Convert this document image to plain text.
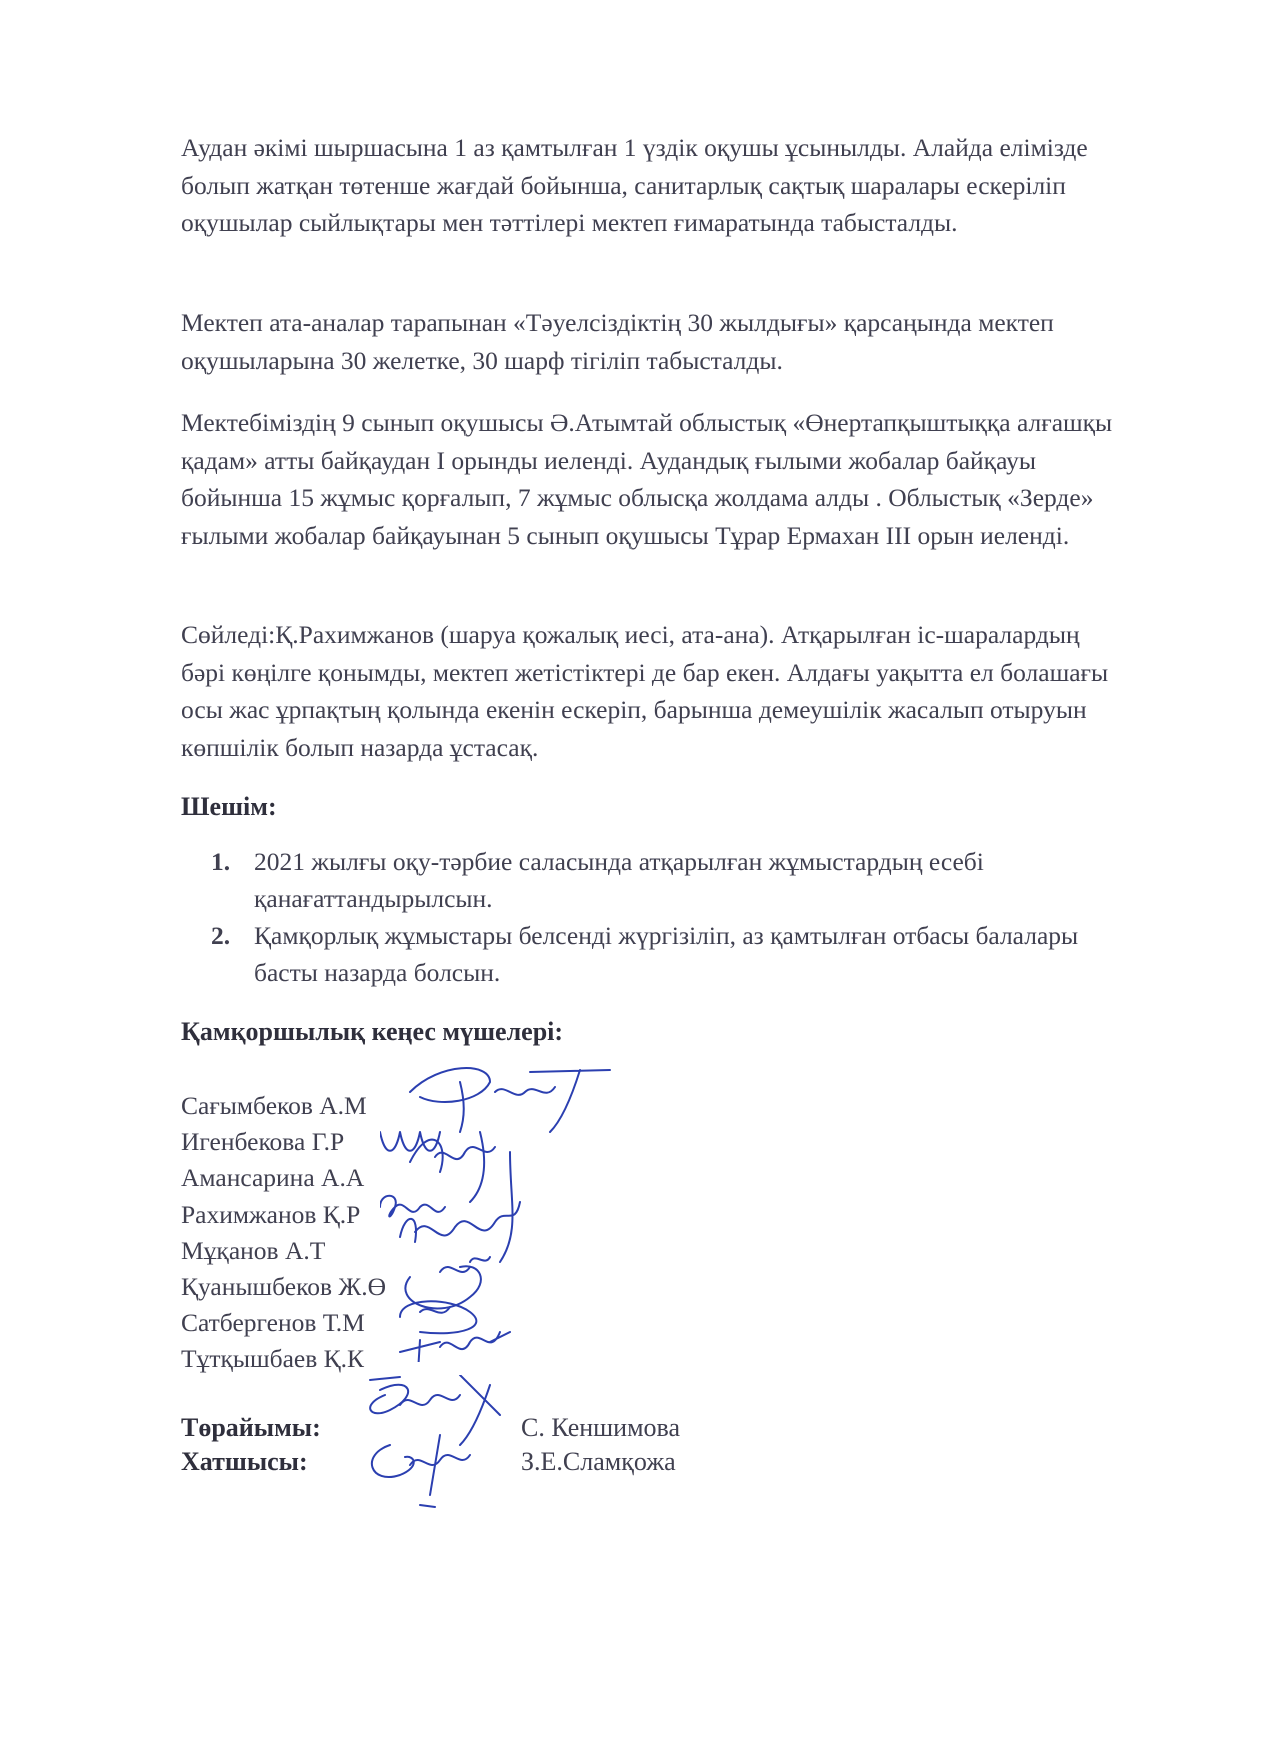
Аудан әкімі шыршасына 1 аз қамтылған 1 үздік оқушы ұсынылды. Алайда елімізде болып жатқан төтенше жағдай бойынша, санитарлық сақтық шаралары ескеріліп оқушылар сыйлықтары мен тәттілері мектеп ғимаратында табысталды.

Мектеп ата-аналар тарапынан «Тәуелсіздіктің 30 жылдығы» қарсаңында мектеп оқушыларына 30 желетке, 30 шарф тігіліп табысталды.

Мектебіміздің 9 сынып оқушысы Ә.Атымтай облыстық «Өнертапқыштыққа алғашқы қадам» атты байқаудан І орынды иеленді. Аудандық ғылыми жобалар байқауы бойынша 15 жұмыс қорғалып, 7 жұмыс облысқа жолдама алды . Облыстық «Зерде» ғылыми жобалар байқауынан 5 сынып оқушысы Тұрар Ермахан ІІІ орын иеленді.

Сөйледі:Қ.Рахимжанов (шаруа қожалық иесі, ата-ана). Атқарылған іс-шаралардың бәрі көңілге қонымды, мектеп жетістіктері де бар екен. Алдағы уақытта ел болашағы осы жас ұрпақтың қолында екенін ескеріп, барынша демеушілік жасалып отыруын көпшілік болып назарда ұстасақ.

Шешім:
1. 2021 жылғы оқу-тәрбие саласында атқарылған жұмыстардың есебі қанағаттандырылсын.
2. Қамқорлық жұмыстары белсенді жүргізіліп, аз қамтылған отбасы балалары басты назарда болсын.
Қамқоршылық кеңес мүшелері:
Сағымбеков А.М
Игенбекова Г.Р
Амансарина А.А
Рахимжанов Қ.Р
Мұқанов А.Т
Қуанышбеков Ж.Ө
Сатбергенов Т.М
Тұтқышбаев Қ.К
Төрайымы:	С. Кеншимова
Хатшысы:	З.Е.Сламқожа
